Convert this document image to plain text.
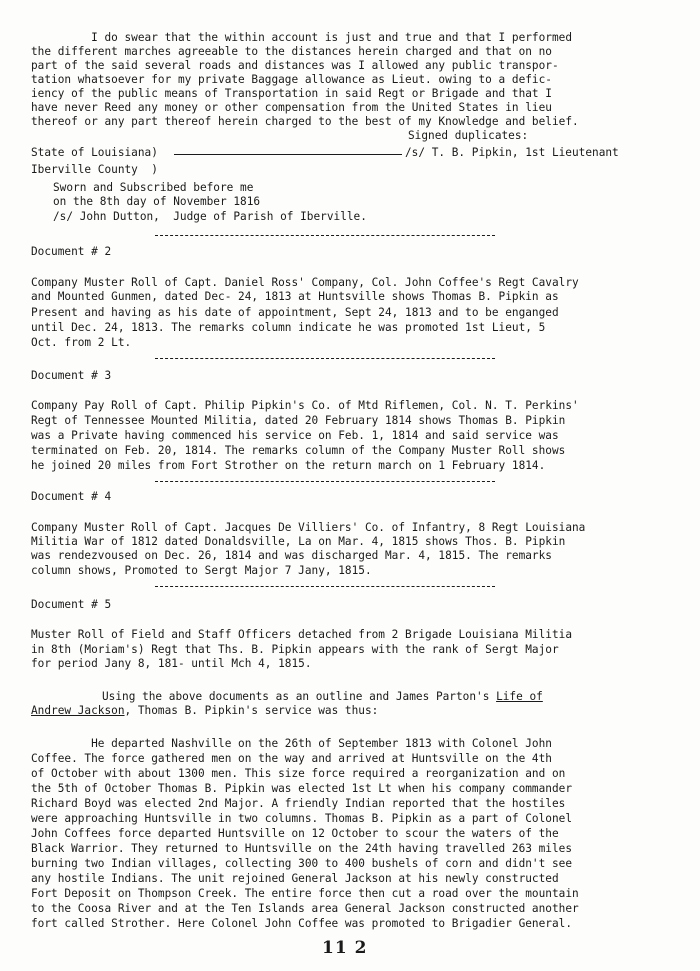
I do swear that the within account is just and true and that I performed
the different marches agreeable to the distances herein charged and that on no
part of the said several roads and distances was I allowed any public transpor-
tation whatsoever for my private Baggage allowance as Lieut. owing to a defic-
iency of the public means of Transportation in said Regt or Brigade and that I
have never Reed any money or other compensation from the United States in lieu
thereof or any part thereof herein charged to the best of my Knowledge and belief.
Signed duplicates:
State of Louisiana)	/s/ T. B. Pipkin, 1st Lieutenant
Iberville County  )
Sworn and Subscribed before me
on the 8th day of November 1816
/s/ John Dutton,  Judge of Parish of Iberville.
Document # 2
Company Muster Roll of Capt. Daniel Ross' Company, Col. John Coffee's Regt Cavalry
and Mounted Gunmen, dated Dec- 24, 1813 at Huntsville shows Thomas B. Pipkin as
Present and having as his date of appointment, Sept 24, 1813 and to be enganged
until Dec. 24, 1813. The remarks column indicate he was promoted 1st Lieut, 5
Oct. from 2 Lt.
Document # 3
Company Pay Roll of Capt. Philip Pipkin's Co. of Mtd Riflemen, Col. N. T. Perkins'
Regt of Tennessee Mounted Militia, dated 20 February 1814 shows Thomas B. Pipkin
was a Private having commenced his service on Feb. 1, 1814 and said service was
terminated on Feb. 20, 1814. The remarks column of the Company Muster Roll shows
he joined 20 miles from Fort Strother on the return march on 1 February 1814.
Document # 4
Company Muster Roll of Capt. Jacques De Villiers' Co. of Infantry, 8 Regt Louisiana
Militia War of 1812 dated Donaldsville, La on Mar. 4, 1815 shows Thos. B. Pipkin
was rendezvoused on Dec. 26, 1814 and was discharged Mar. 4, 1815. The remarks
column shows, Promoted to Sergt Major 7 Jany, 1815.
Document # 5
Muster Roll of Field and Staff Officers detached from 2 Brigade Louisiana Militia
in 8th (Moriam's) Regt that Ths. B. Pipkin appears with the rank of Sergt Major
for period Jany 8, 181- until Mch 4, 1815.
Using the above documents as an outline and James Parton's Life of
Andrew Jackson, Thomas B. Pipkin's service was thus:
He departed Nashville on the 26th of September 1813 with Colonel John
Coffee. The force gathered men on the way and arrived at Huntsville on the 4th
of October with about 1300 men. This size force required a reorganization and on
the 5th of October Thomas B. Pipkin was elected 1st Lt when his company commander
Richard Boyd was elected 2nd Major. A friendly Indian reported that the hostiles
were approaching Huntsville in two columns. Thomas B. Pipkin as a part of Colonel
John Coffees force departed Huntsville on 12 October to scour the waters of the
Black Warrior. They returned to Huntsville on the 24th having travelled 263 miles
burning two Indian villages, collecting 300 to 400 bushels of corn and didn't see
any hostile Indians. The unit rejoined General Jackson at his newly constructed
Fort Deposit on Thompson Creek. The entire force then cut a road over the mountain
to the Coosa River and at the Ten Islands area General Jackson constructed another
fort called Strother. Here Colonel John Coffee was promoted to Brigadier General.
11 2
